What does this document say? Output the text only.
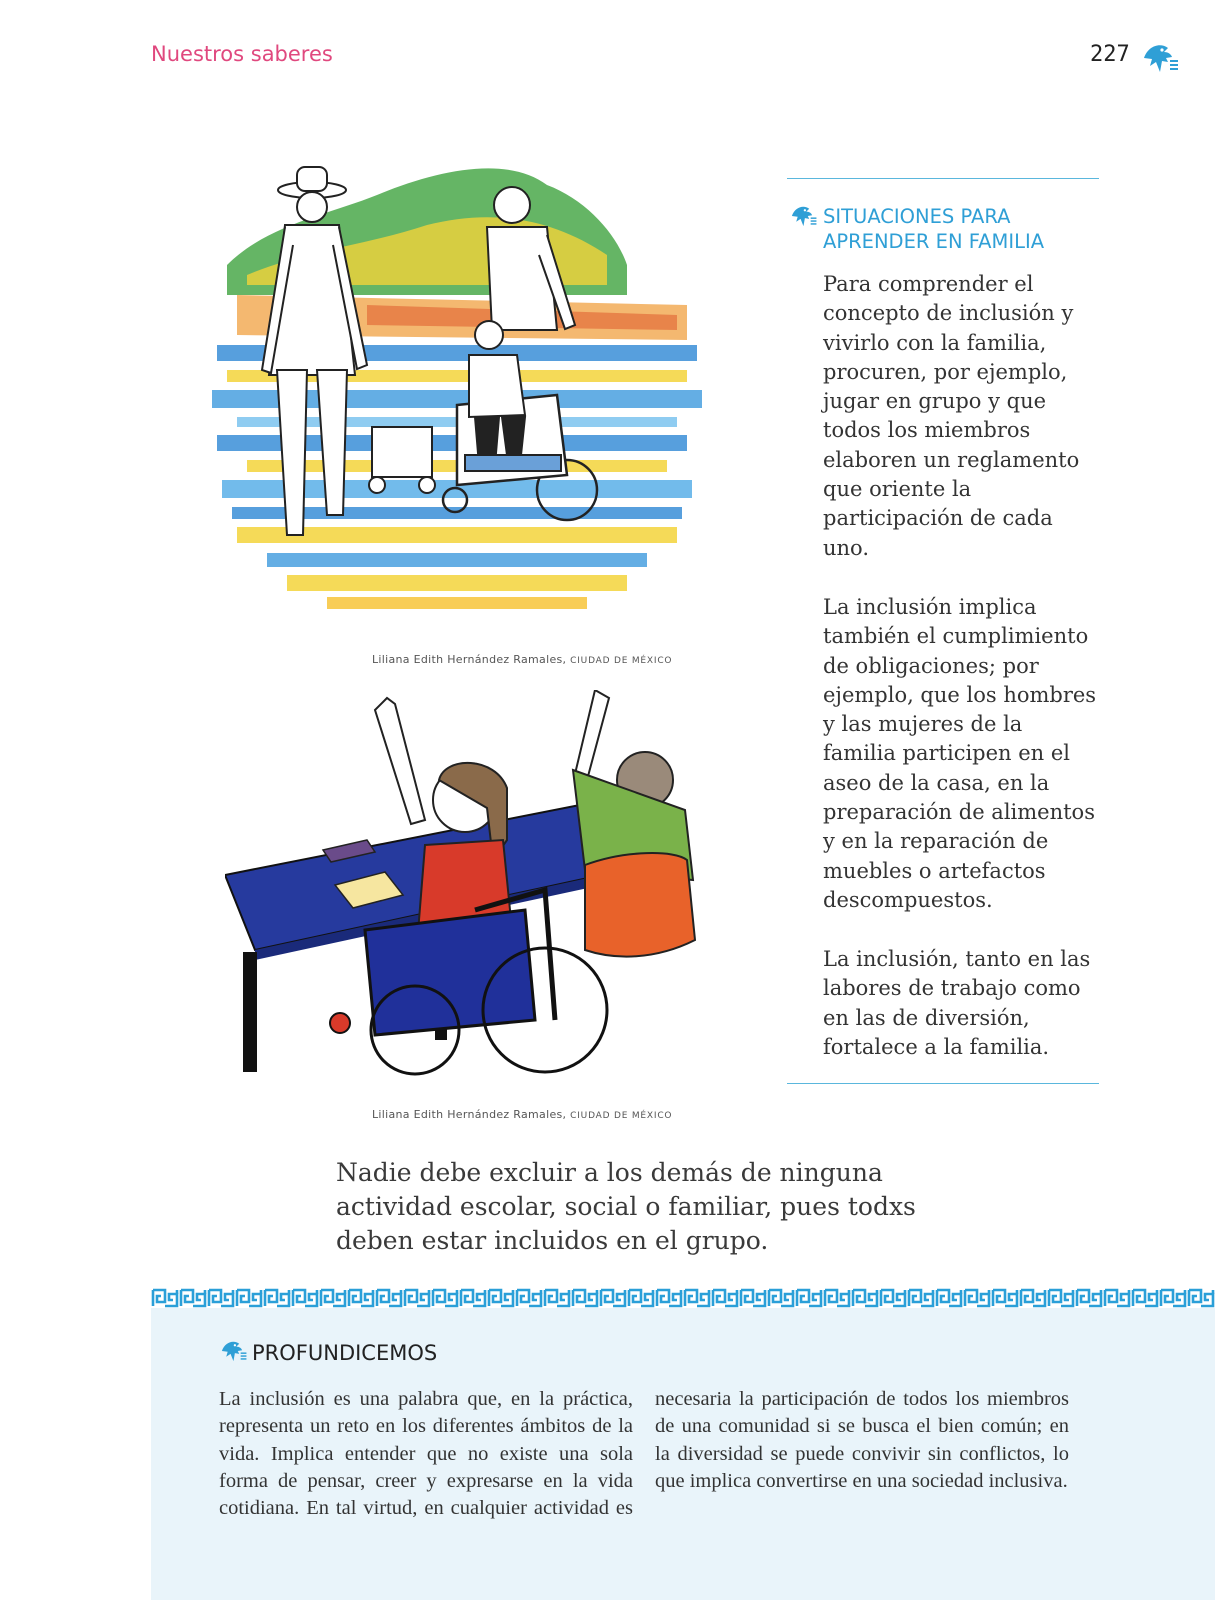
Nuestros saberes	227
Liliana Edith Hernández Ramales, CIUDAD DE MÉXICO
Liliana Edith Hernández Ramales, CIUDAD DE MÉXICO
SITUACIONES PARA APRENDER EN FAMILIA

Para comprender el concepto de inclusión y vivirlo con la familia, procuren, por ejemplo, jugar en grupo y que todos los miembros elaboren un reglamento que oriente la participación de cada uno.

La inclusión implica también el cumplimiento de obligaciones; por ejemplo, que los hombres y las mujeres de la familia participen en el aseo de la casa, en la preparación de alimentos y en la reparación de muebles o artefactos descompuestos.

La inclusión, tanto en las labores de trabajo como en las de diversión, fortalece a la familia.

Nadie debe excluir a los demás de ninguna actividad escolar, social o familiar, pues todxs deben estar incluidos en el grupo.

PROFUNDICEMOS

La inclusión es una palabra que, en la práctica, representa un reto en los diferentes ámbitos de la vida. Implica entender que no existe una sola forma de pensar, creer y expresarse en la vida cotidiana. En tal virtud, en cualquier actividad es necesaria la participación de todos los miembros de una comunidad si se busca el bien común; en la diversidad se puede convivir sin conflictos, lo que implica convertirse en una sociedad inclusiva.
